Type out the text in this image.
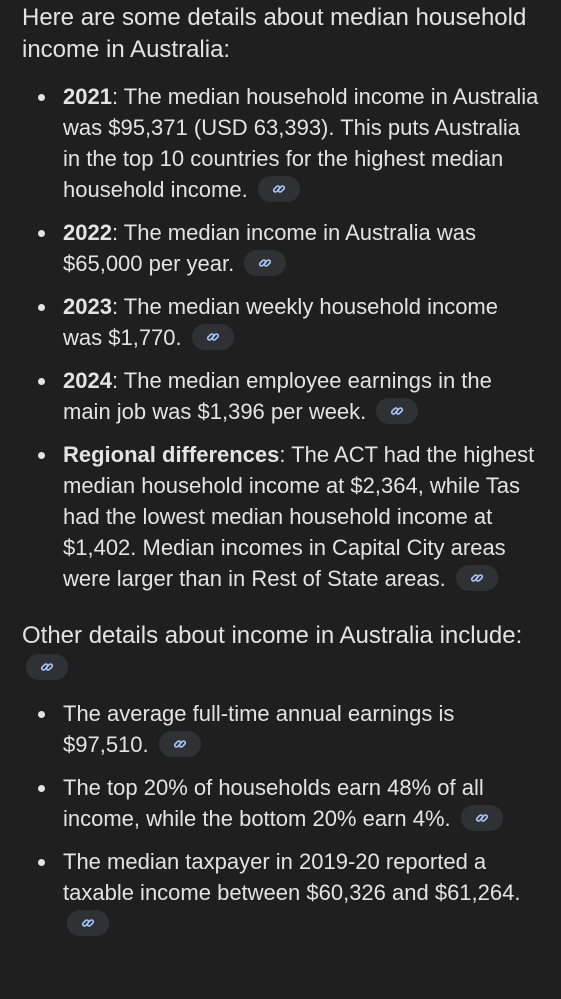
Here are some details about median household income in Australia:

2021: The median household income in Australia was $95,371 (USD 63,393). This puts Australia in the top 10 countries for the highest median household income.
2022: The median income in Australia was $65,000 per year.
2023: The median weekly household income was $1,770.
2024: The median employee earnings in the main job was $1,396 per week.
Regional differences: The ACT had the highest median household income at $2,364, while Tas had the lowest median household income at $1,402. Median incomes in Capital City areas were larger than in Rest of State areas.

Other details about income in Australia include:

The average full-time annual earnings is $97,510.
The top 20% of households earn 48% of all income, while the bottom 20% earn 4%.
The median taxpayer in 2019-20 reported a taxable income between $60,326 and $61,264.
